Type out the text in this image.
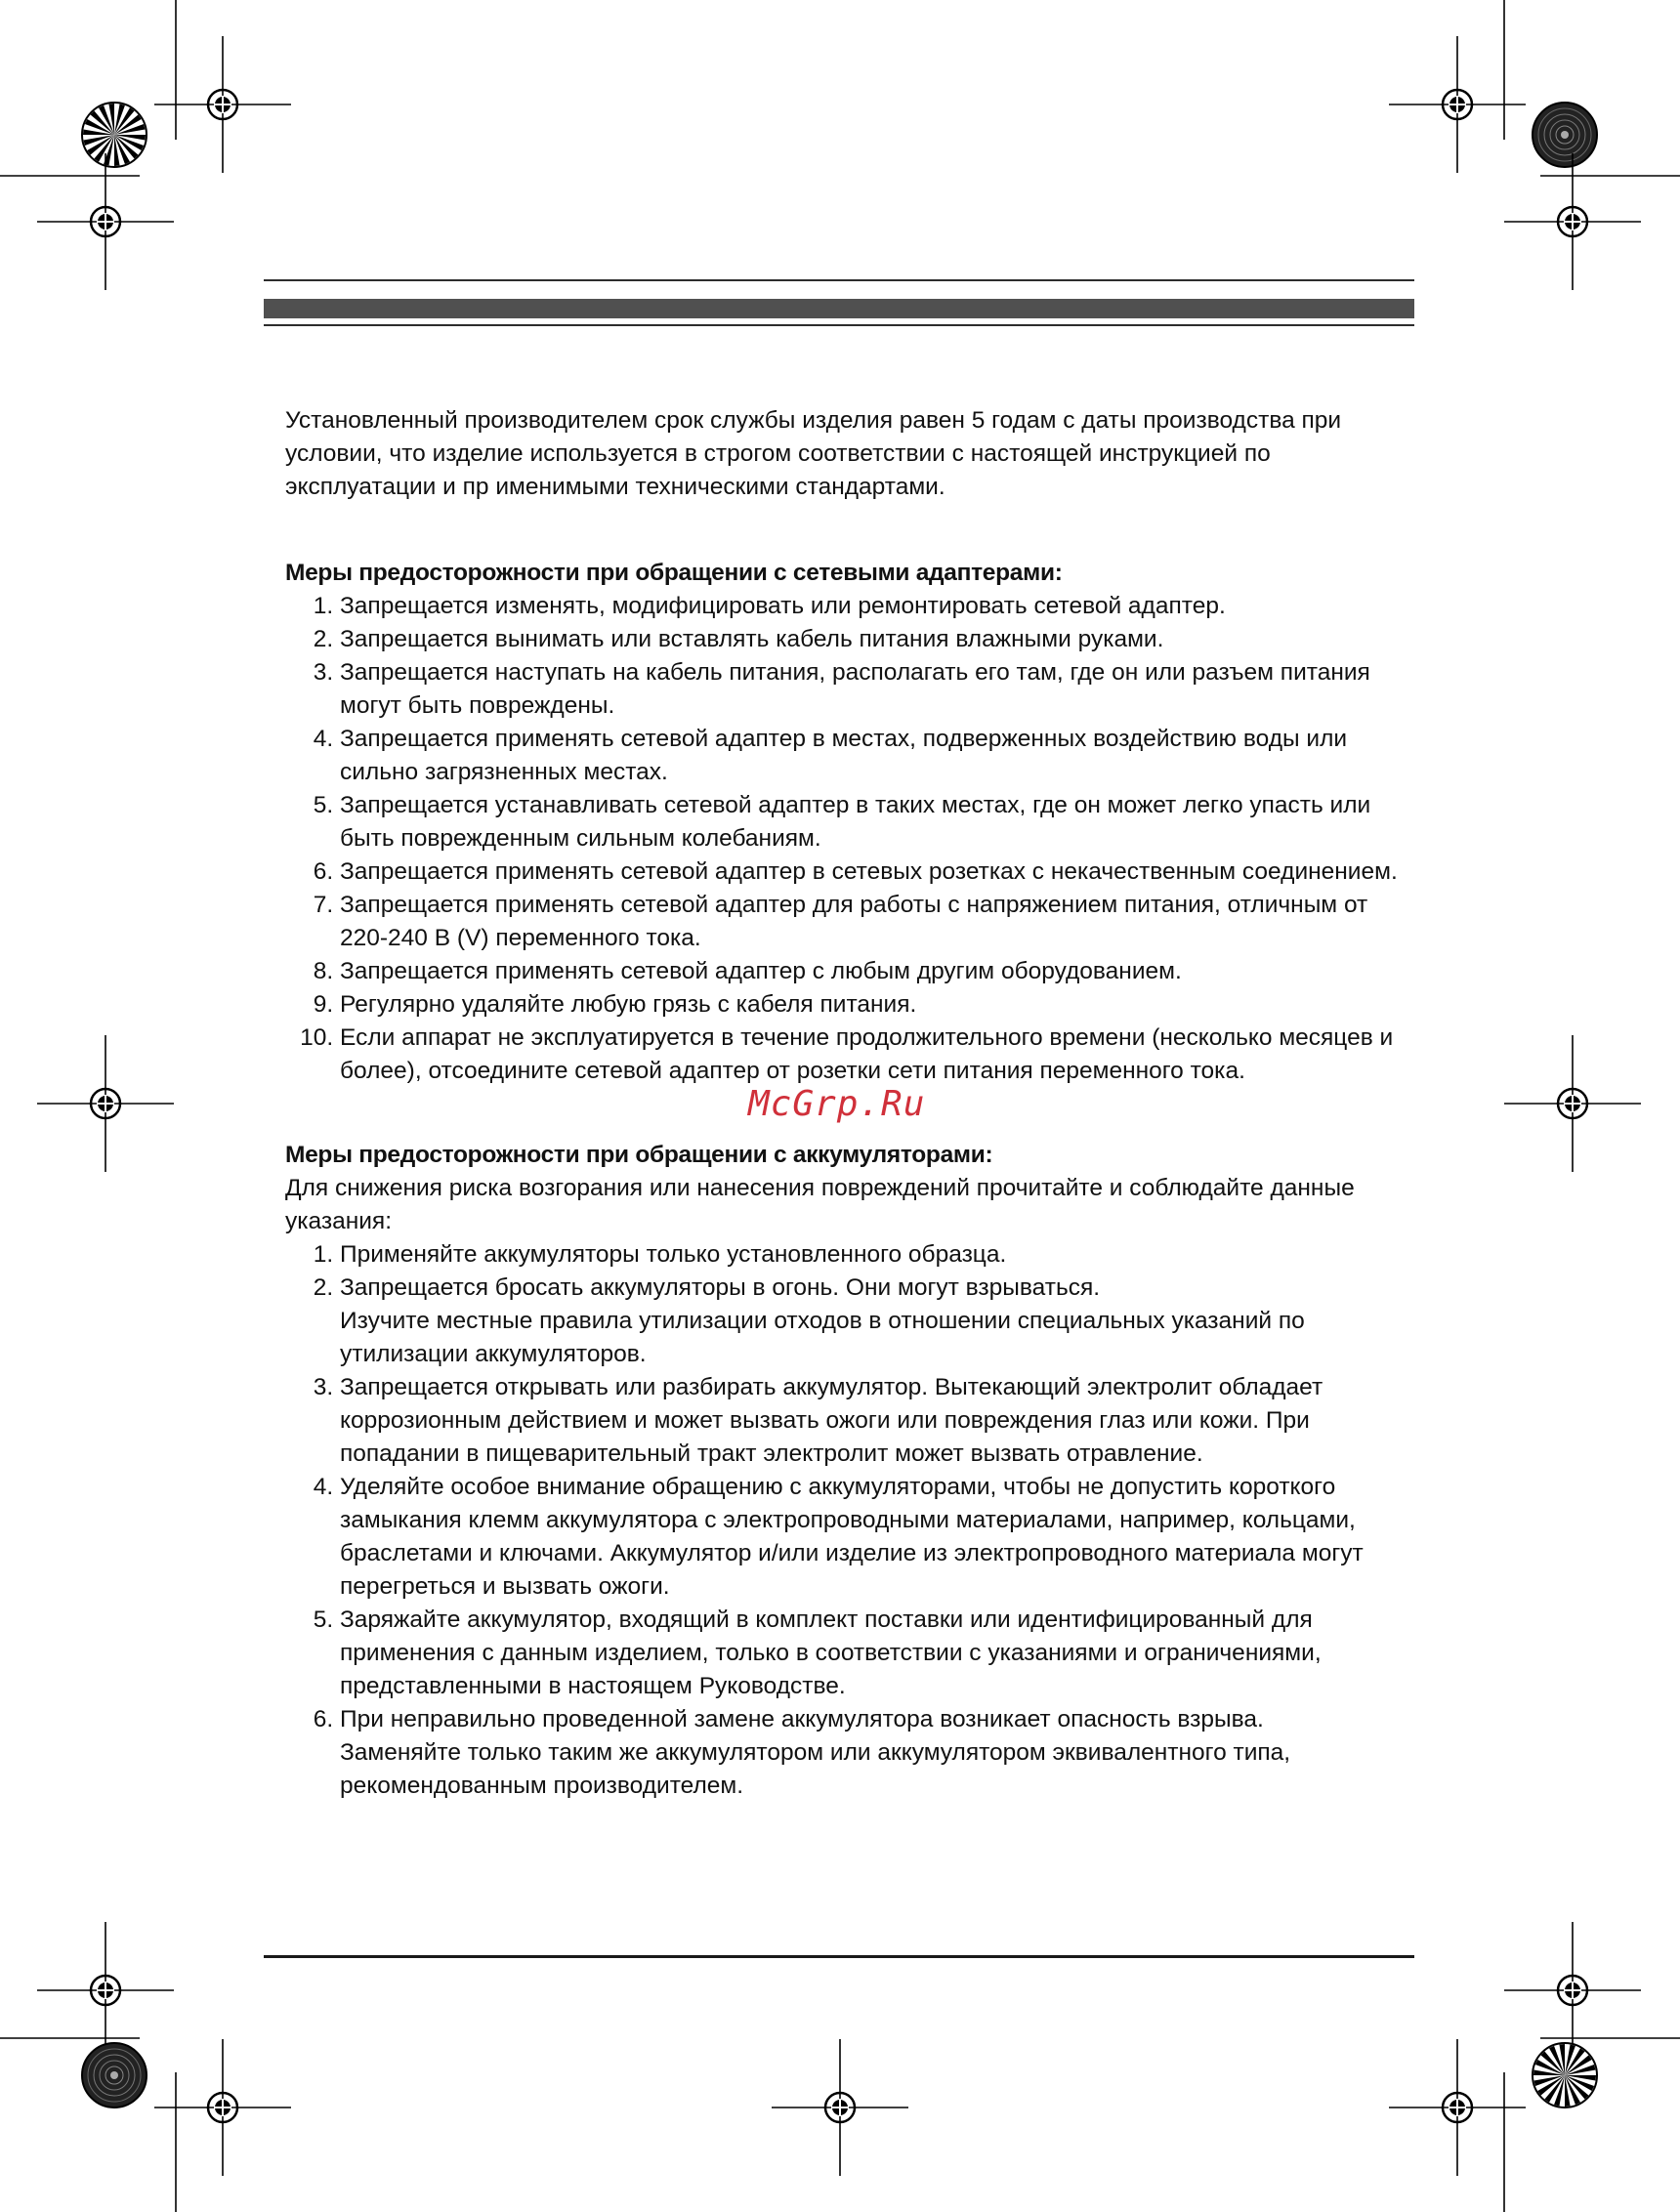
Установленный производителем срок службы изделия равен 5 годам с даты производства при условии, что изделие используется в строгом соответствии с настоящей инструкцией по эксплуатации и пр именимыми техническими стандартами.

Меры предосторожности при обращении с сетевыми адаптерами:

1. Запрещается изменять, модифицировать или ремонтировать сетевой адаптер.
2. Запрещается вынимать или вставлять кабель питания влажными руками.
3. Запрещается наступать на кабель питания, располагать его там, где он или разъем питания могут быть повреждены.
4. Запрещается применять сетевой адаптер в местах, подверженных воздействию воды или сильно загрязненных местах.
5. Запрещается устанавливать сетевой адаптер в таких местах, где он может легко упасть или быть поврежденным сильным колебаниям.
6. Запрещается применять сетевой адаптер в сетевых розетках с некачественным соединением.
7. Запрещается применять сетевой адаптер для работы с напряжением питания, отличным от 220-240 В (V) переменного тока.
8. Запрещается применять сетевой адаптер с любым другим оборудованием.
9. Регулярно удаляйте любую грязь с кабеля питания.
10. Если аппарат не эксплуатируется в течение продолжительного времени (несколько месяцев и более), отсоедините сетевой адаптер от розетки сети питания переменного тока.

Меры предосторожности при обращении с аккумуляторами:

Для снижения риска возгорания или нанесения повреждений прочитайте и соблюдайте данные указания:

1. Применяйте аккумуляторы только установленного образца.
2. Запрещается бросать аккумуляторы в огонь. Они могут взрываться.
Изучите местные правила утилизации отходов в отношении специальных указаний по утилизации аккумуляторов.
3. Запрещается открывать или разбирать аккумулятор. Вытекающий электролит обладает коррозионным действием и может вызвать ожоги или повреждения глаз или кожи. При попадании в пищеварительный тракт электролит может вызвать отравление.
4. Уделяйте особое внимание обращению с аккумуляторами, чтобы не допустить короткого замыкания клемм аккумулятора с электропроводными материалами, например, кольцами, браслетами и ключами. Аккумулятор и/или изделие из электропроводного материала могут перегреться и вызвать ожоги.
5. Заряжайте аккумулятор, входящий в комплект поставки или идентифицированный для применения с данным изделием, только в соответствии с указаниями и ограничениями, представленными в настоящем Руководстве.
6. При неправильно проведенной замене аккумулятора возникает опасность взрыва.
Заменяйте только таким же аккумулятором или аккумулятором эквивалентного типа, рекомендованным производителем.
McGrp.Ru
